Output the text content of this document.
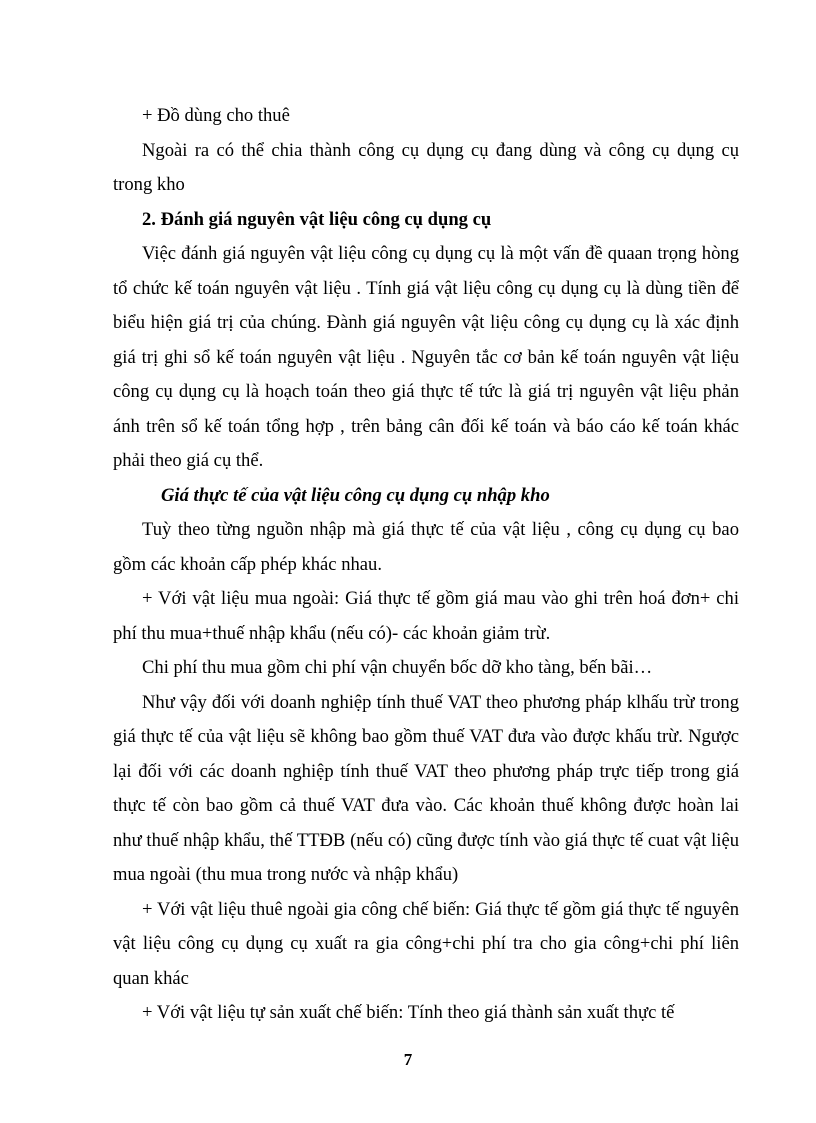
+ Đồ dùng cho thuê

Ngoài ra có thể chia thành công cụ dụng cụ đang dùng và công cụ dụng cụ trong kho

2. Đánh giá nguyên vật liệu công cụ dụng cụ

Việc đánh giá nguyên vật liệu công cụ dụng cụ là một vấn đề quaan trọng hòng tổ chức kế toán nguyên vật liệu . Tính giá vật liệu công cụ dụng cụ là dùng tiền để biểu hiện giá trị của chúng. Đành giá nguyên vật liệu công cụ dụng cụ là xác định giá trị ghi sổ kế toán nguyên vật liệu . Nguyên tắc cơ bản kế toán nguyên vật liệu công cụ dụng cụ là hoạch toán theo giá thực tế tức là giá trị nguyên vật liệu phản ánh trên sổ kế toán tổng hợp , trên bảng cân đối kế toán và báo cáo kế toán khác phải theo giá cụ thể.

Giá thực tế của vật liệu công cụ dụng cụ nhập kho

Tuỳ theo từng nguồn nhập mà giá thực tế của vật liệu , công cụ dụng cụ bao gồm các khoản cấp phép khác nhau.

+ Với vật liệu mua ngoài: Giá thực tế gồm giá mau vào ghi trên hoá đơn+ chi phí thu mua+thuế nhập khẩu (nếu có)- các khoản giảm trừ.

Chi phí thu mua gồm chi phí vận chuyển bốc dỡ kho tàng, bến bãi…

Như vậy đối với doanh nghiệp tính thuế VAT theo phương pháp klhấu trừ trong giá thực tế của vật liệu sẽ không bao gồm thuế VAT đưa vào được khấu trừ. Ngược lại đối với các doanh nghiệp tính thuế VAT theo phương pháp trực tiếp trong giá thực tế còn bao gồm cả thuế VAT đưa vào. Các khoản thuế không được hoàn lai như thuế nhập khẩu, thế TTĐB (nếu có) cũng được tính vào giá thực tế cuat vật liệu mua ngoài (thu mua trong nước và nhập khẩu)

+ Với vật liệu thuê ngoài gia công chế biến: Giá thực tế gồm giá thực tế nguyên vật liệu công cụ dụng cụ xuất ra gia công+chi phí tra cho gia công+chi phí liên quan khác

+ Với vật liệu tự sản xuất chế biến: Tính theo giá thành sản xuất thực tế

7
